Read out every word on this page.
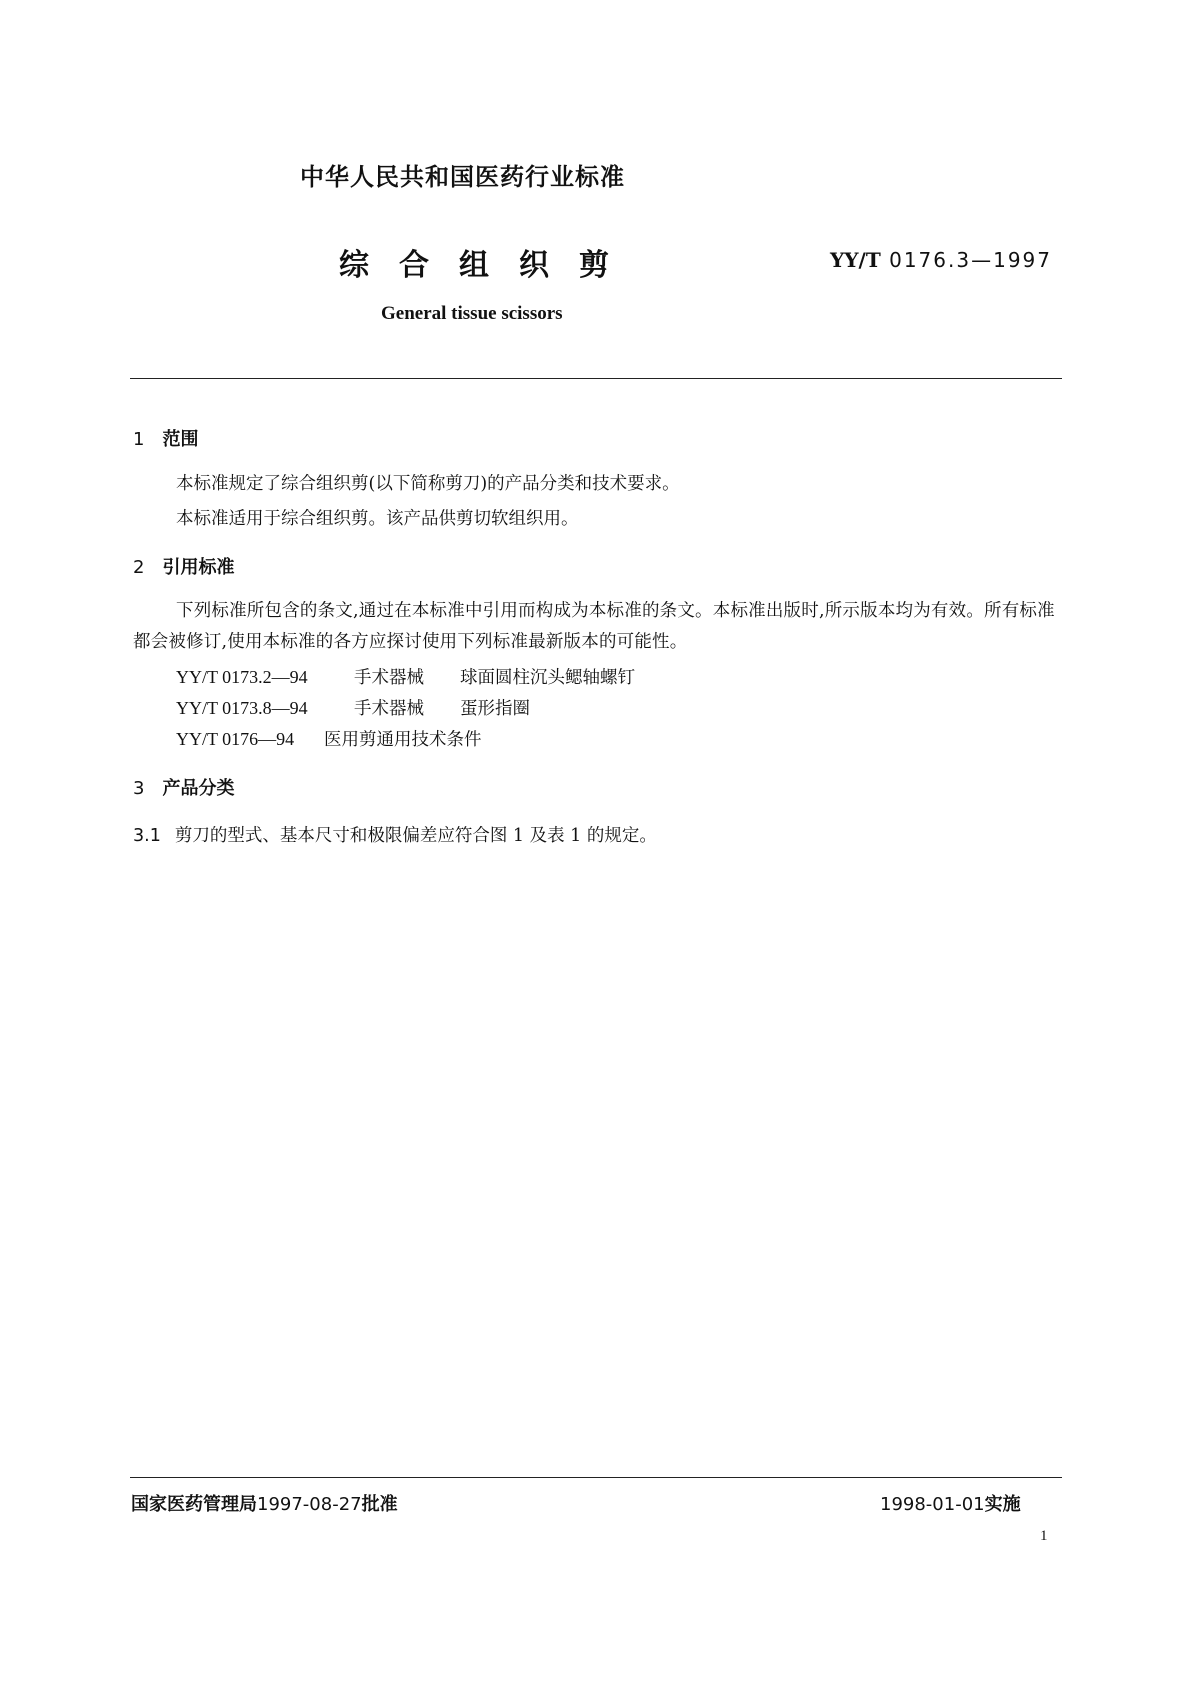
中华人民共和国医药行业标准
综合组织剪	YY/T 0176.3—1997
General tissue scissors
1 范围
本标准规定了综合组织剪(以下简称剪刀)的产品分类和技术要求。
本标准适用于综合组织剪。该产品供剪切软组织用。
2 引用标准
下列标准所包含的条文,通过在本标准中引用而构成为本标准的条文。本标准出版时,所示版本均为有效。所有标准都会被修订,使用本标准的各方应探讨使用下列标准最新版本的可能性。
YY/T 0173.2—94	手术器械 球面圆柱沉头鳃轴螺钉
YY/T 0173.8—94	手术器械 蛋形指圈
YY/T 0176—94 医用剪通用技术条件
3 产品分类
3.1 剪刀的型式、基本尺寸和极限偏差应符合图 1 及表 1 的规定。
国家医药管理局1997-08-27批准	1998-01-01实施
1
